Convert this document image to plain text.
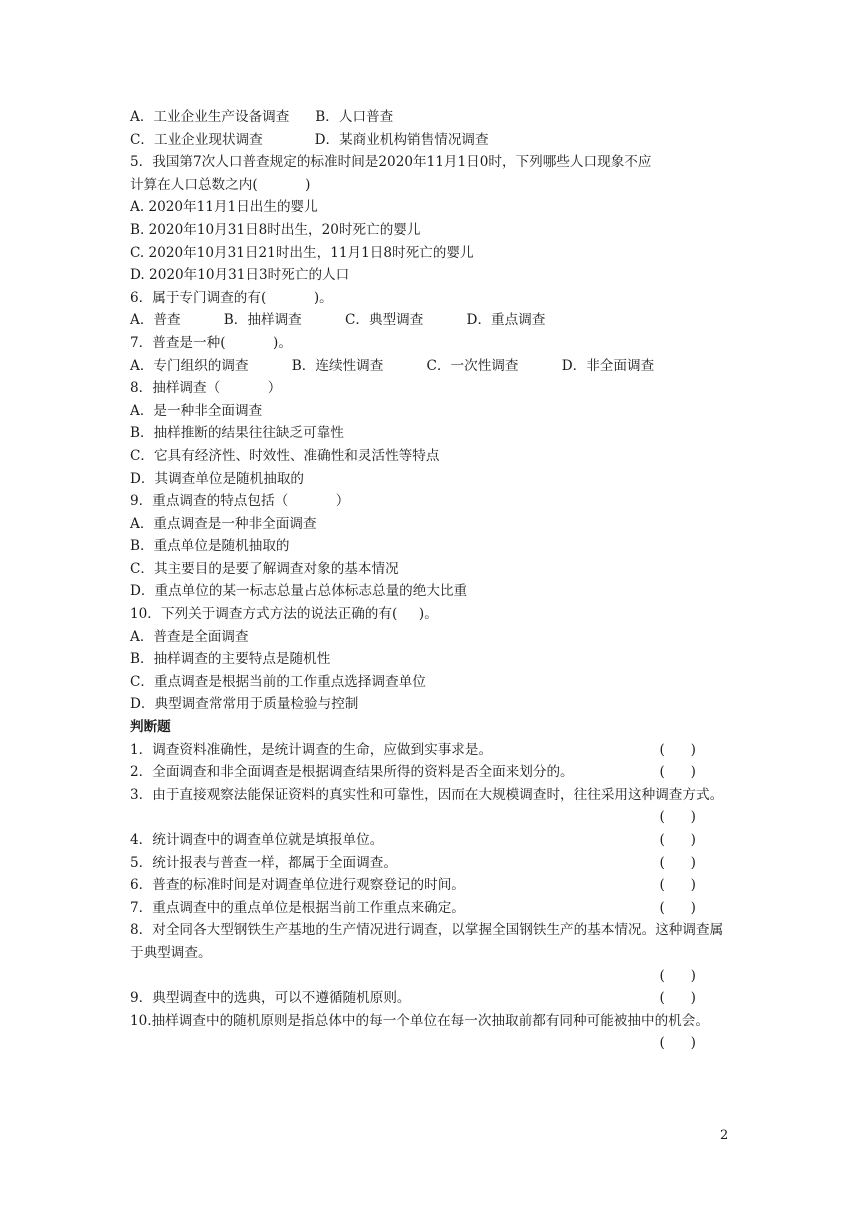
A．工业企业生产设备调查      B．人口普查
C．工业企业现状调查            D．某商业机构销售情况调查
5．我国第7次人口普查规定的标准时间是2020年11月1日0时，下列哪些人口现象不应
计算在人口总数之内(           )
A. 2020年11月1日出生的婴儿
B. 2020年10月31日8时出生，20时死亡的婴儿
C. 2020年10月31日21时出生，11月1日8时死亡的婴儿
D. 2020年10月31日3时死亡的人口
6．属于专门调查的有(           )。
A．普查          B．抽样调查          C．典型调查          D．重点调查
7．普查是一种(           )。
A．专门组织的调查          B．连续性调查          C．一次性调查          D．非全面调查
8．抽样调查（           ）
A．是一种非全面调查
B．抽样推断的结果往往缺乏可靠性
C．它具有经济性、时效性、准确性和灵活性等特点
D．其调查单位是随机抽取的
9．重点调查的特点包括（           ）
A．重点调查是一种非全面调查
B．重点单位是随机抽取的
C．其主要目的是要了解调查对象的基本情况
D．重点单位的某一标志总量占总体标志总量的绝大比重
10．下列关于调查方式方法的说法正确的有(     )。
A．普查是全面调查
B．抽样调查的主要特点是随机性
C．重点调查是根据当前的工作重点选择调查单位
D．典型调查常常用于质量检验与控制
判断题
1．调查资料准确性，是统计调查的生命，应做到实事求是。	(      )
2．全面调查和非全面调查是根据调查结果所得的资料是否全面来划分的。	(      )
3．由于直接观察法能保证资料的真实性和可靠性，因而在大规模调查时，往往采用这种调查方式。
(      )
4．统计调查中的调查单位就是填报单位。	(      )
5．统计报表与普查一样，都属于全面调查。	(      )
6．普查的标准时间是对调查单位进行观察登记的时间。	(      )
7．重点调查中的重点单位是根据当前工作重点来确定。	(      )
8．对全同各大型钢铁生产基地的生产情况进行调查，以掌握全国钢铁生产的基本情况。这种调查属于典型调查。
(      )
9．典型调查中的选典，可以不遵循随机原则。	(      )
10.抽样调查中的随机原则是指总体中的每一个单位在每一次抽取前都有同种可能被抽中的机会。
(      )
2
